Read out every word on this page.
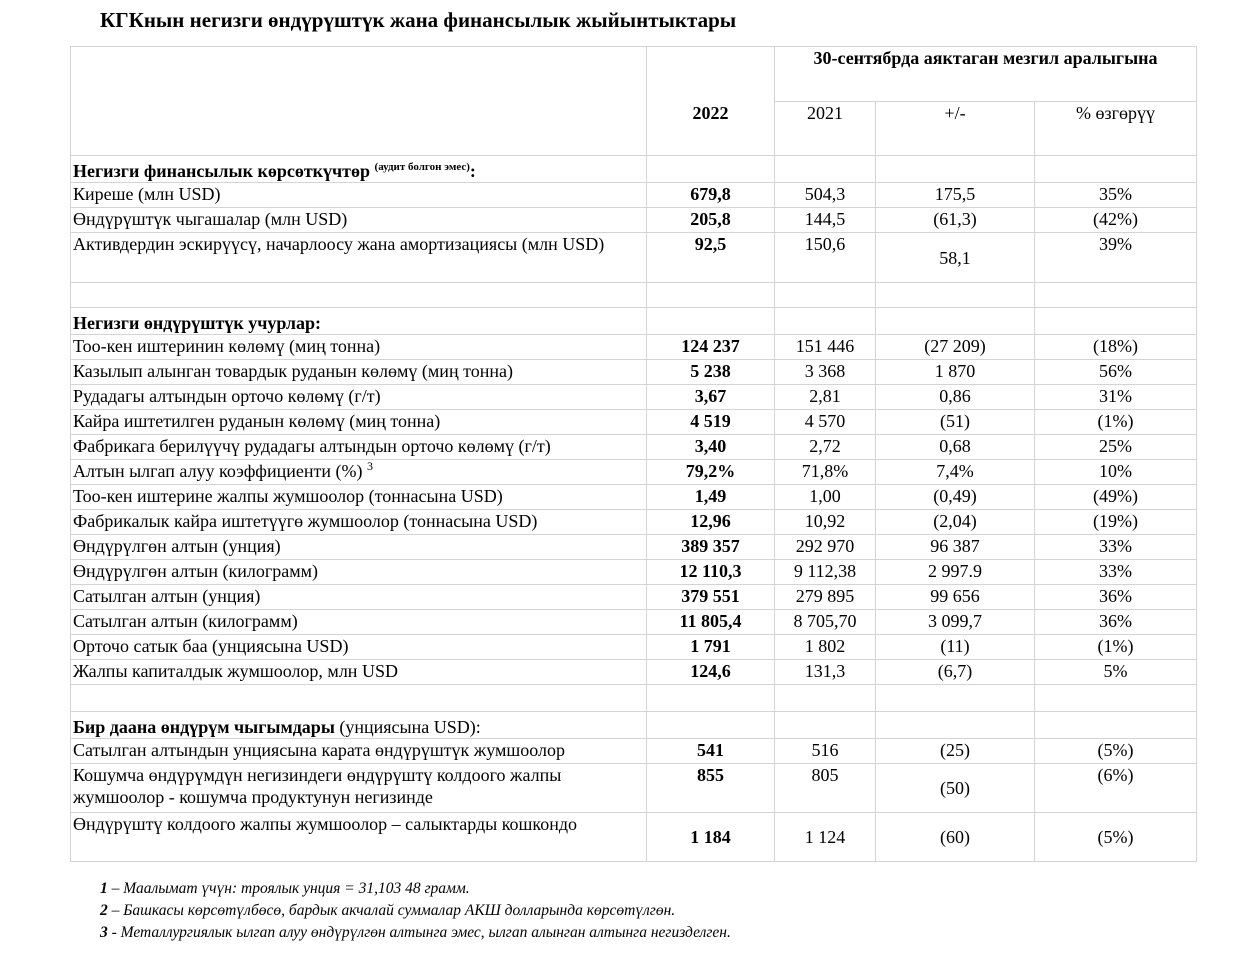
КГКнын негизги өндүрүштүк жана финансылык жыйынтыктары
		30-сентябрда аяктаган мезгил аралыгына		
	2022	2021	+/-	% өзгөрүү
Негизги финансылык көрсөткүчтөр $^{(аудит болгон эмес)}$:				
Киреше (млн USD)	679,8	504,3	175,5	35%
Өндүрүштүк чыгашалар (млн USD)	205,8	144,5	(61,3)	(42%)
Активдердин эскирүүсү, начарлоосу жана амортизациясы (млн USD)	92,5	150,6	58,1	39%

Негизги өндүрүштүк учурлар:				
Тоо-кен иштеринин көлөмү (миң тонна)	124 237	151 446	(27 209)	(18%)
Казылып алынган товардык руданын көлөмү (миң тонна)	5 238	3 368	1 870	56%
Рудадагы алтындын орточо көлөмү (г/т)	3,67	2,81	0,86	31%
Кайра иштетилген руданын көлөмү (миң тонна)	4 519	4 570	(51)	(1%)
Фабрикага берилүүчү рудадагы алтындын орточо көлөмү (г/т)	3,40	2,72	0,68	25%
Алтын ылгап алуу коэффициенти (%) $^3$	79,2%	71,8%	7,4%	10%
Тоо-кен иштерине жалпы жумшоолор (тоннасына USD)	1,49	1,00	(0,49)	(49%)
Фабрикалык кайра иштетүүгө жумшоолор (тоннасына USD)	12,96	10,92	(2,04)	(19%)
Өндүрүлгөн алтын (унция)	389 357	292 970	96 387	33%
Өндүрүлгөн алтын (килограмм)	12 110,3	9 112,38	2 997.9	33%
Сатылган алтын (унция)	379 551	279 895	99 656	36%
Сатылган алтын (килограмм)	11 805,4	8 705,70	3 099,7	36%
Орточо сатык баа (унциясына USD)	1 791	1 802	(11)	(1%)
Жалпы капиталдык жумшоолор, млн USD	124,6	131,3	(6,7)	5%

Бир даана өндүрүм чыгымдары (унциясына USD):				
Сатылган алтындын унциясына карата өндүрүштүк жумшоолор	541	516	(25)	(5%)
Кошумча өндүрүмдүн негизиндеги өндүрүштү колдоого жалпы жумшоолор - кошумча продуктунун негизинде	855	805	(50)	(6%)
Өндүрүштү колдоого жалпы жумшоолор – салыктарды кошкондо	1 184	1 124	(60)	(5%)
1 – Маалымат үчүн: троялык унция = 31,103 48 грамм.
2 – Башкасы көрсөтүлбөсө, бардык акчалай суммалар АКШ долларында көрсөтүлгөн.
3 - Металлургиялык ылгап алуу өндүрүлгөн алтынга эмес, ылгап алынган алтынга негизделген.
